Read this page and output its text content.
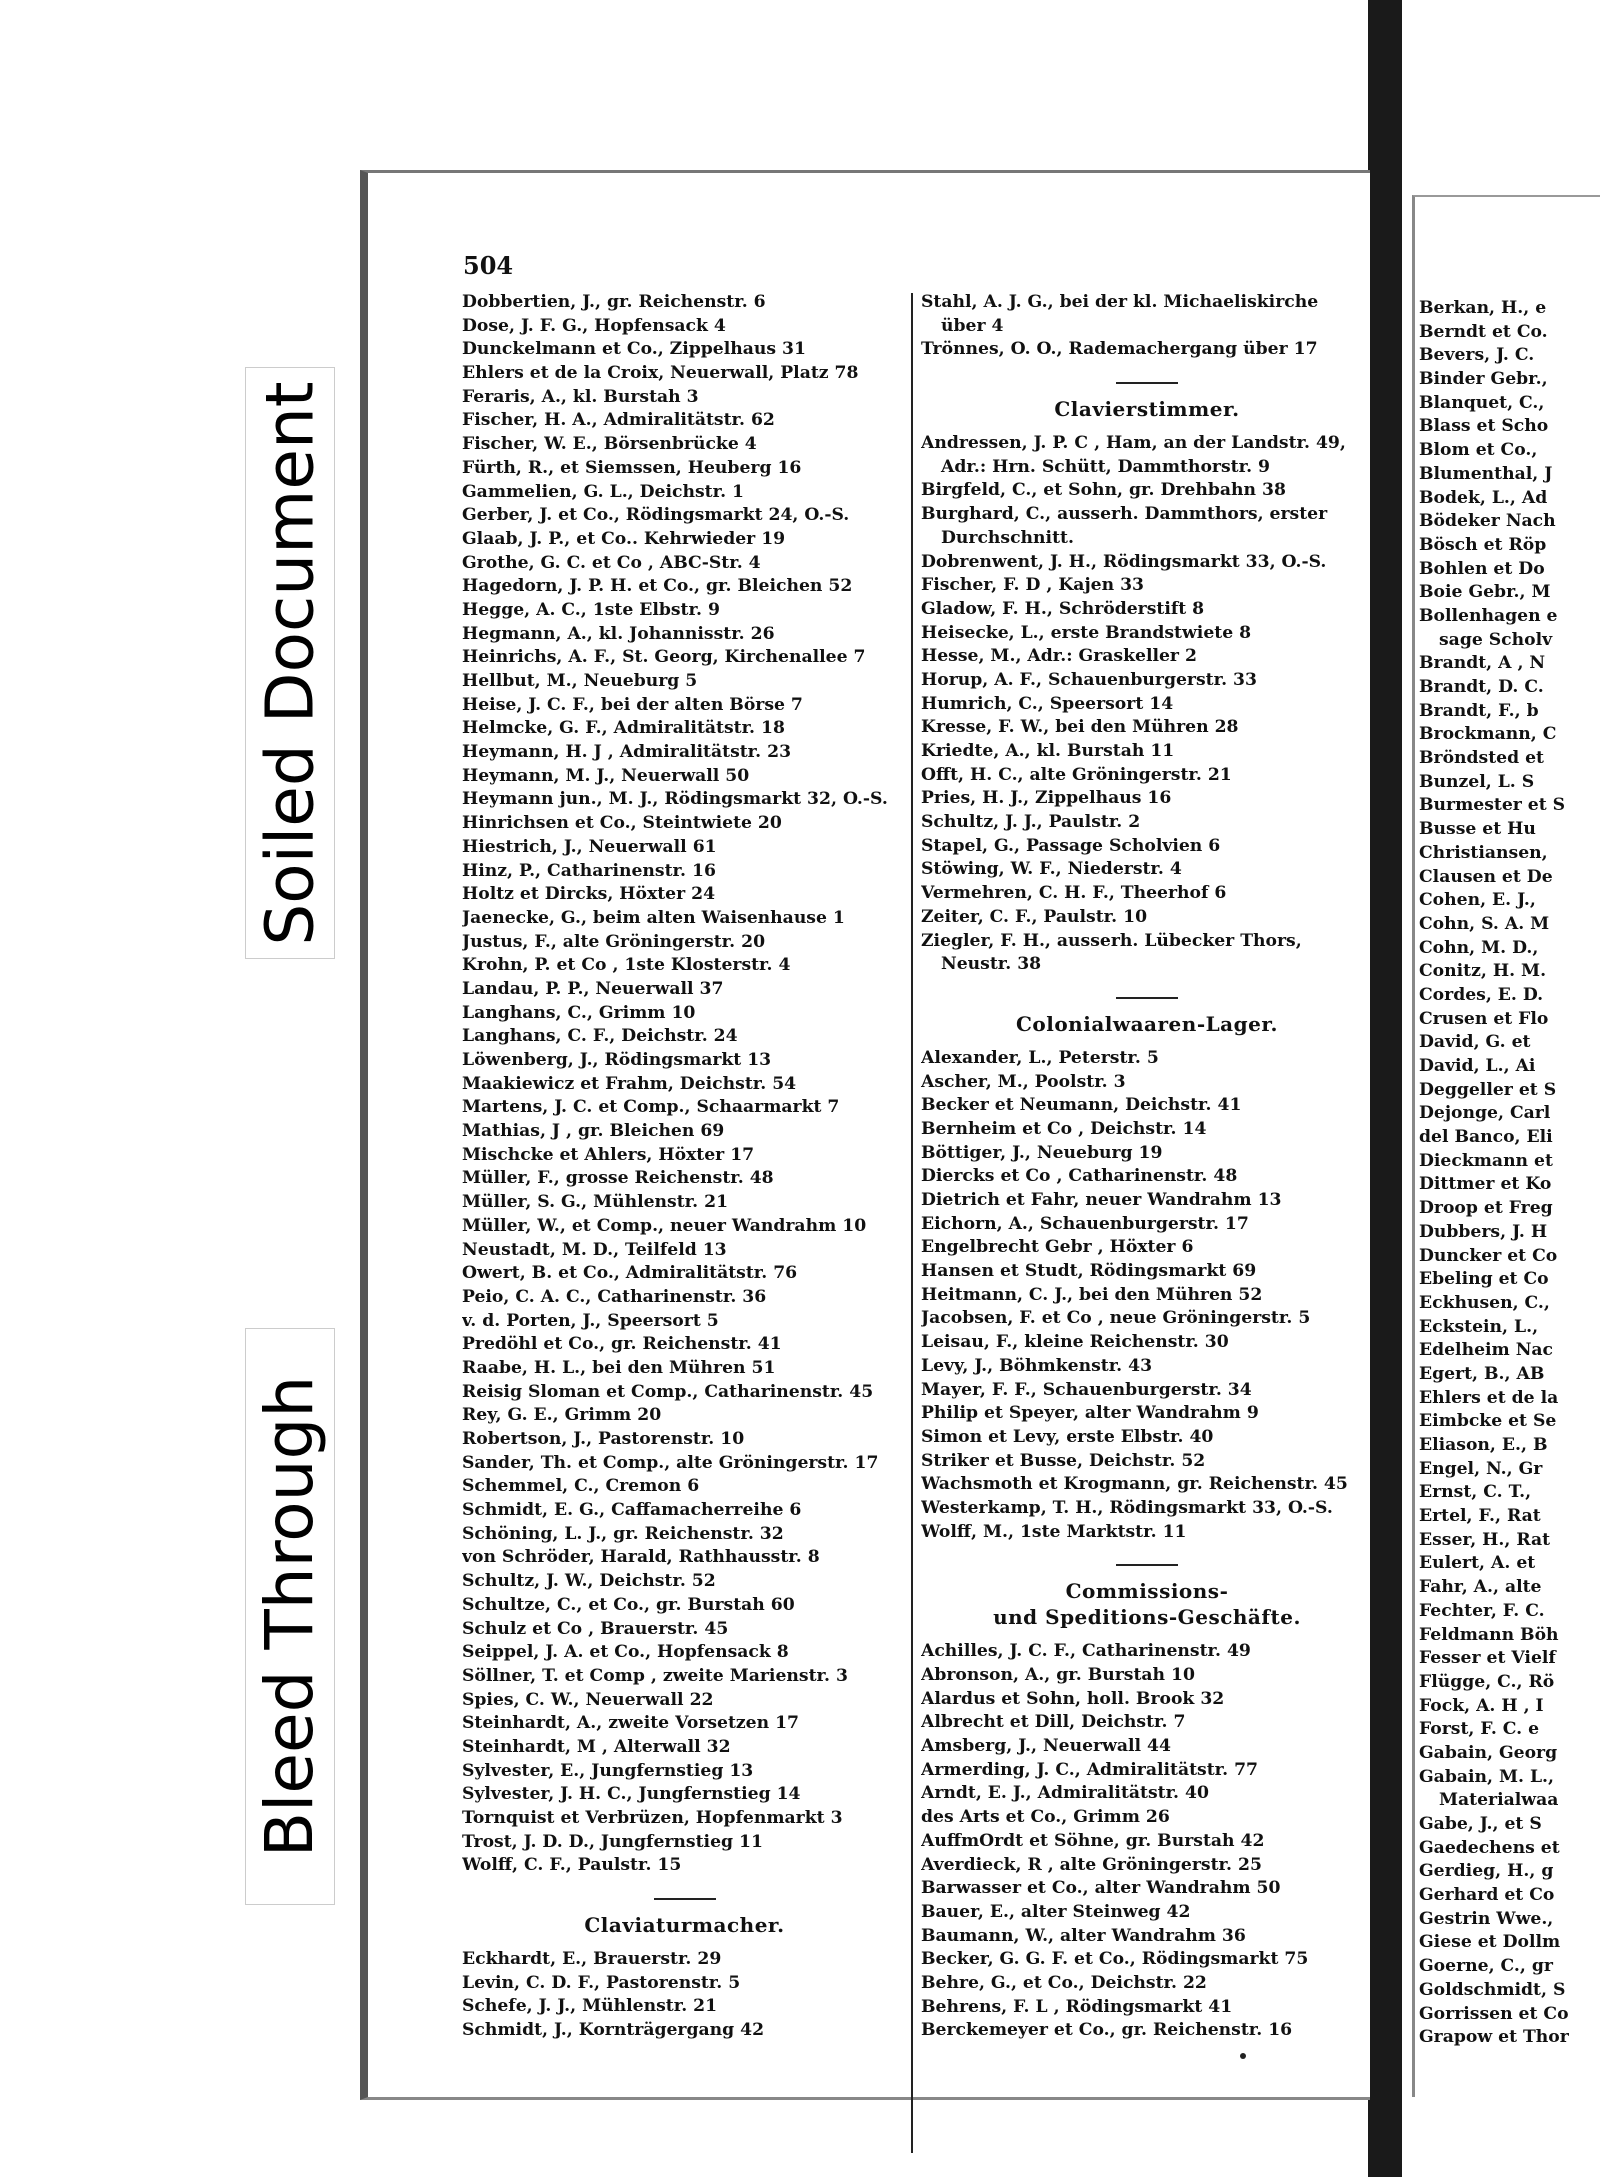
504
Dobbertien, J., gr. Reichenstr. 6
Dose, J. F. G., Hopfensack 4
Dunckelmann et Co., Zippelhaus 31
Ehlers et de la Croix, Neuerwall, Platz 78
Feraris, A., kl. Burstah 3
Fischer, H. A., Admiralitätstr. 62
Fischer, W. E., Börsenbrücke 4
Fürth, R., et Siemssen, Heuberg 16
Gammelien, G. L., Deichstr. 1
Gerber, J. et Co., Rödingsmarkt 24, O.-S.
Glaab, J. P., et Co.. Kehrwieder 19
Grothe, G. C. et Co , ABC-Str. 4
Hagedorn, J. P. H. et Co., gr. Bleichen 52
Hegge, A. C., 1ste Elbstr. 9
Hegmann, A., kl. Johannisstr. 26
Heinrichs, A. F., St. Georg, Kirchenallee 7
Hellbut, M., Neueburg 5
Heise, J. C. F., bei der alten Börse 7
Helmcke, G. F., Admiralitätstr. 18
Heymann, H. J , Admiralitätstr. 23
Heymann, M. J., Neuerwall 50
Heymann jun., M. J., Rödingsmarkt 32, O.-S.
Hinrichsen et Co., Steintwiete 20
Hiestrich, J., Neuerwall 61
Hinz, P., Catharinenstr. 16
Holtz et Dircks, Höxter 24
Jaenecke, G., beim alten Waisenhause 1
Justus, F., alte Gröningerstr. 20
Krohn, P. et Co , 1ste Klosterstr. 4
Landau, P. P., Neuerwall 37
Langhans, C., Grimm 10
Langhans, C. F., Deichstr. 24
Löwenberg, J., Rödingsmarkt 13
Maakiewicz et Frahm, Deichstr. 54
Martens, J. C. et Comp., Schaarmarkt 7
Mathias, J , gr. Bleichen 69
Mischcke et Ahlers, Höxter 17
Müller, F., grosse Reichenstr. 48
Müller, S. G., Mühlenstr. 21
Müller, W., et Comp., neuer Wandrahm 10
Neustadt, M. D., Teilfeld 13
Owert, B. et Co., Admiralitätstr. 76
Peio, C. A. C., Catharinenstr. 36
v. d. Porten, J., Speersort 5
Predöhl et Co., gr. Reichenstr. 41
Raabe, H. L., bei den Mühren 51
Reisig Sloman et Comp., Catharinenstr. 45
Rey, G. E., Grimm 20
Robertson, J., Pastorenstr. 10
Sander, Th. et Comp., alte Gröningerstr. 17
Schemmel, C., Cremon 6
Schmidt, E. G., Caffamacherreihe 6
Schöning, L. J., gr. Reichenstr. 32
von Schröder, Harald, Rathhausstr. 8
Schultz, J. W., Deichstr. 52
Schultze, C., et Co., gr. Burstah 60
Schulz et Co , Brauerstr. 45
Seippel, J. A. et Co., Hopfensack 8
Söllner, T. et Comp , zweite Marienstr. 3
Spies, C. W., Neuerwall 22
Steinhardt, A., zweite Vorsetzen 17
Steinhardt, M , Alterwall 32
Sylvester, E., Jungfernstieg 13
Sylvester, J. H. C., Jungfernstieg 14
Tornquist et Verbrüzen, Hopfenmarkt 3
Trost, J. D. D., Jungfernstieg 11
Wolff, C. F., Paulstr. 15
Claviaturmacher.
Eckhardt, E., Brauerstr. 29
Levin, C. D. F., Pastorenstr. 5
Schefe, J. J., Mühlenstr. 21
Schmidt, J., Kornträgergang 42
Stahl, A. J. G., bei der kl. Michaeliskirche
über 4
Trönnes, O. O., Rademachergang über 17
Clavierstimmer.
Andressen, J. P. C , Ham, an der Landstr. 49,
Adr.: Hrn. Schütt, Dammthorstr. 9
Birgfeld, C., et Sohn, gr. Drehbahn 38
Burghard, C., ausserh. Dammthors, erster
Durchschnitt.
Dobrenwent, J. H., Rödingsmarkt 33, O.-S.
Fischer, F. D , Kajen 33
Gladow, F. H., Schröderstift 8
Heisecke, L., erste Brandstwiete 8
Hesse, M., Adr.: Graskeller 2
Horup, A. F., Schauenburgerstr. 33
Humrich, C., Speersort 14
Kresse, F. W., bei den Mühren 28
Kriedte, A., kl. Burstah 11
Offt, H. C., alte Gröningerstr. 21
Pries, H. J., Zippelhaus 16
Schultz, J. J., Paulstr. 2
Stapel, G., Passage Scholvien 6
Stöwing, W. F., Niederstr. 4
Vermehren, C. H. F., Theerhof 6
Zeiter, C. F., Paulstr. 10
Ziegler, F. H., ausserh. Lübecker Thors,
Neustr. 38
Colonialwaaren-Lager.
Alexander, L., Peterstr. 5
Ascher, M., Poolstr. 3
Becker et Neumann, Deichstr. 41
Bernheim et Co , Deichstr. 14
Böttiger, J., Neueburg 19
Diercks et Co , Catharinenstr. 48
Dietrich et Fahr, neuer Wandrahm 13
Eichorn, A., Schauenburgerstr. 17
Engelbrecht Gebr , Höxter 6
Hansen et Studt, Rödingsmarkt 69
Heitmann, C. J., bei den Mühren 52
Jacobsen, F. et Co , neue Gröningerstr. 5
Leisau, F., kleine Reichenstr. 30
Levy, J., Böhmkenstr. 43
Mayer, F. F., Schauenburgerstr. 34
Philip et Speyer, alter Wandrahm 9
Simon et Levy, erste Elbstr. 40
Striker et Busse, Deichstr. 52
Wachsmoth et Krogmann, gr. Reichenstr. 45
Westerkamp, T. H., Rödingsmarkt 33, O.-S.
Wolff, M., 1ste Marktstr. 11
Commissions-
und Speditions-Geschäfte.
Achilles, J. C. F., Catharinenstr. 49
Abronson, A., gr. Burstah 10
Alardus et Sohn, holl. Brook 32
Albrecht et Dill, Deichstr. 7
Amsberg, J., Neuerwall 44
Armerding, J. C., Admiralitätstr. 77
Arndt, E. J., Admiralitätstr. 40
des Arts et Co., Grimm 26
AuffmOrdt et Söhne, gr. Burstah 42
Averdieck, R , alte Gröningerstr. 25
Barwasser et Co., alter Wandrahm 50
Bauer, E., alter Steinweg 42
Baumann, W., alter Wandrahm 36
Becker, G. G. F. et Co., Rödingsmarkt 75
Behre, G., et Co., Deichstr. 22
Behrens, F. L , Rödingsmarkt 41
Berckemeyer et Co., gr. Reichenstr. 16
Berkan, H., e
Berndt et Co.
Bevers, J. C.
Binder Gebr.,
Blanquet, C.,
Blass et Scho
Blom et Co.,
Blumenthal, J
Bodek, L., Ad
Bödeker Nach
Bösch et Röp
Bohlen et Do
Boie Gebr., M
Bollenhagen e
sage Scholv
Brandt, A , N
Brandt, D. C.
Brandt, F., b
Brockmann, C
Bröndsted et
Bunzel, L. S
Burmester et S
Busse et Hu
Christiansen,
Clausen et De
Cohen, E. J.,
Cohn, S. A. M
Cohn, M. D.,
Conitz, H. M.
Cordes, E. D.
Crusen et Flo
David, G. et
David, L., Ai
Deggeller et S
Dejonge, Carl
del Banco, Eli
Dieckmann et
Dittmer et Ko
Droop et Freg
Dubbers, J. H
Duncker et Co
Ebeling et Co
Eckhusen, C.,
Eckstein, L.,
Edelheim Nac
Egert, B., AB
Ehlers et de la
Eimbcke et Se
Eliason, E., B
Engel, N., Gr
Ernst, C. T.,
Ertel, F., Rat
Esser, H., Rat
Eulert, A. et
Fahr, A., alte
Fechter, F. C.
Feldmann Böh
Fesser et Vielf
Flügge, C., Rö
Fock, A. H , I
Forst, F. C. e
Gabain, Georg
Gabain, M. L.,
Materialwaa
Gabe, J., et S
Gaedechens et
Gerdieg, H., g
Gerhard et Co
Gestrin Wwe.,
Giese et Dollm
Goerne, C., gr
Goldschmidt, S
Gorrissen et Co
Grapow et Thor
Soiled Document
Bleed Through
